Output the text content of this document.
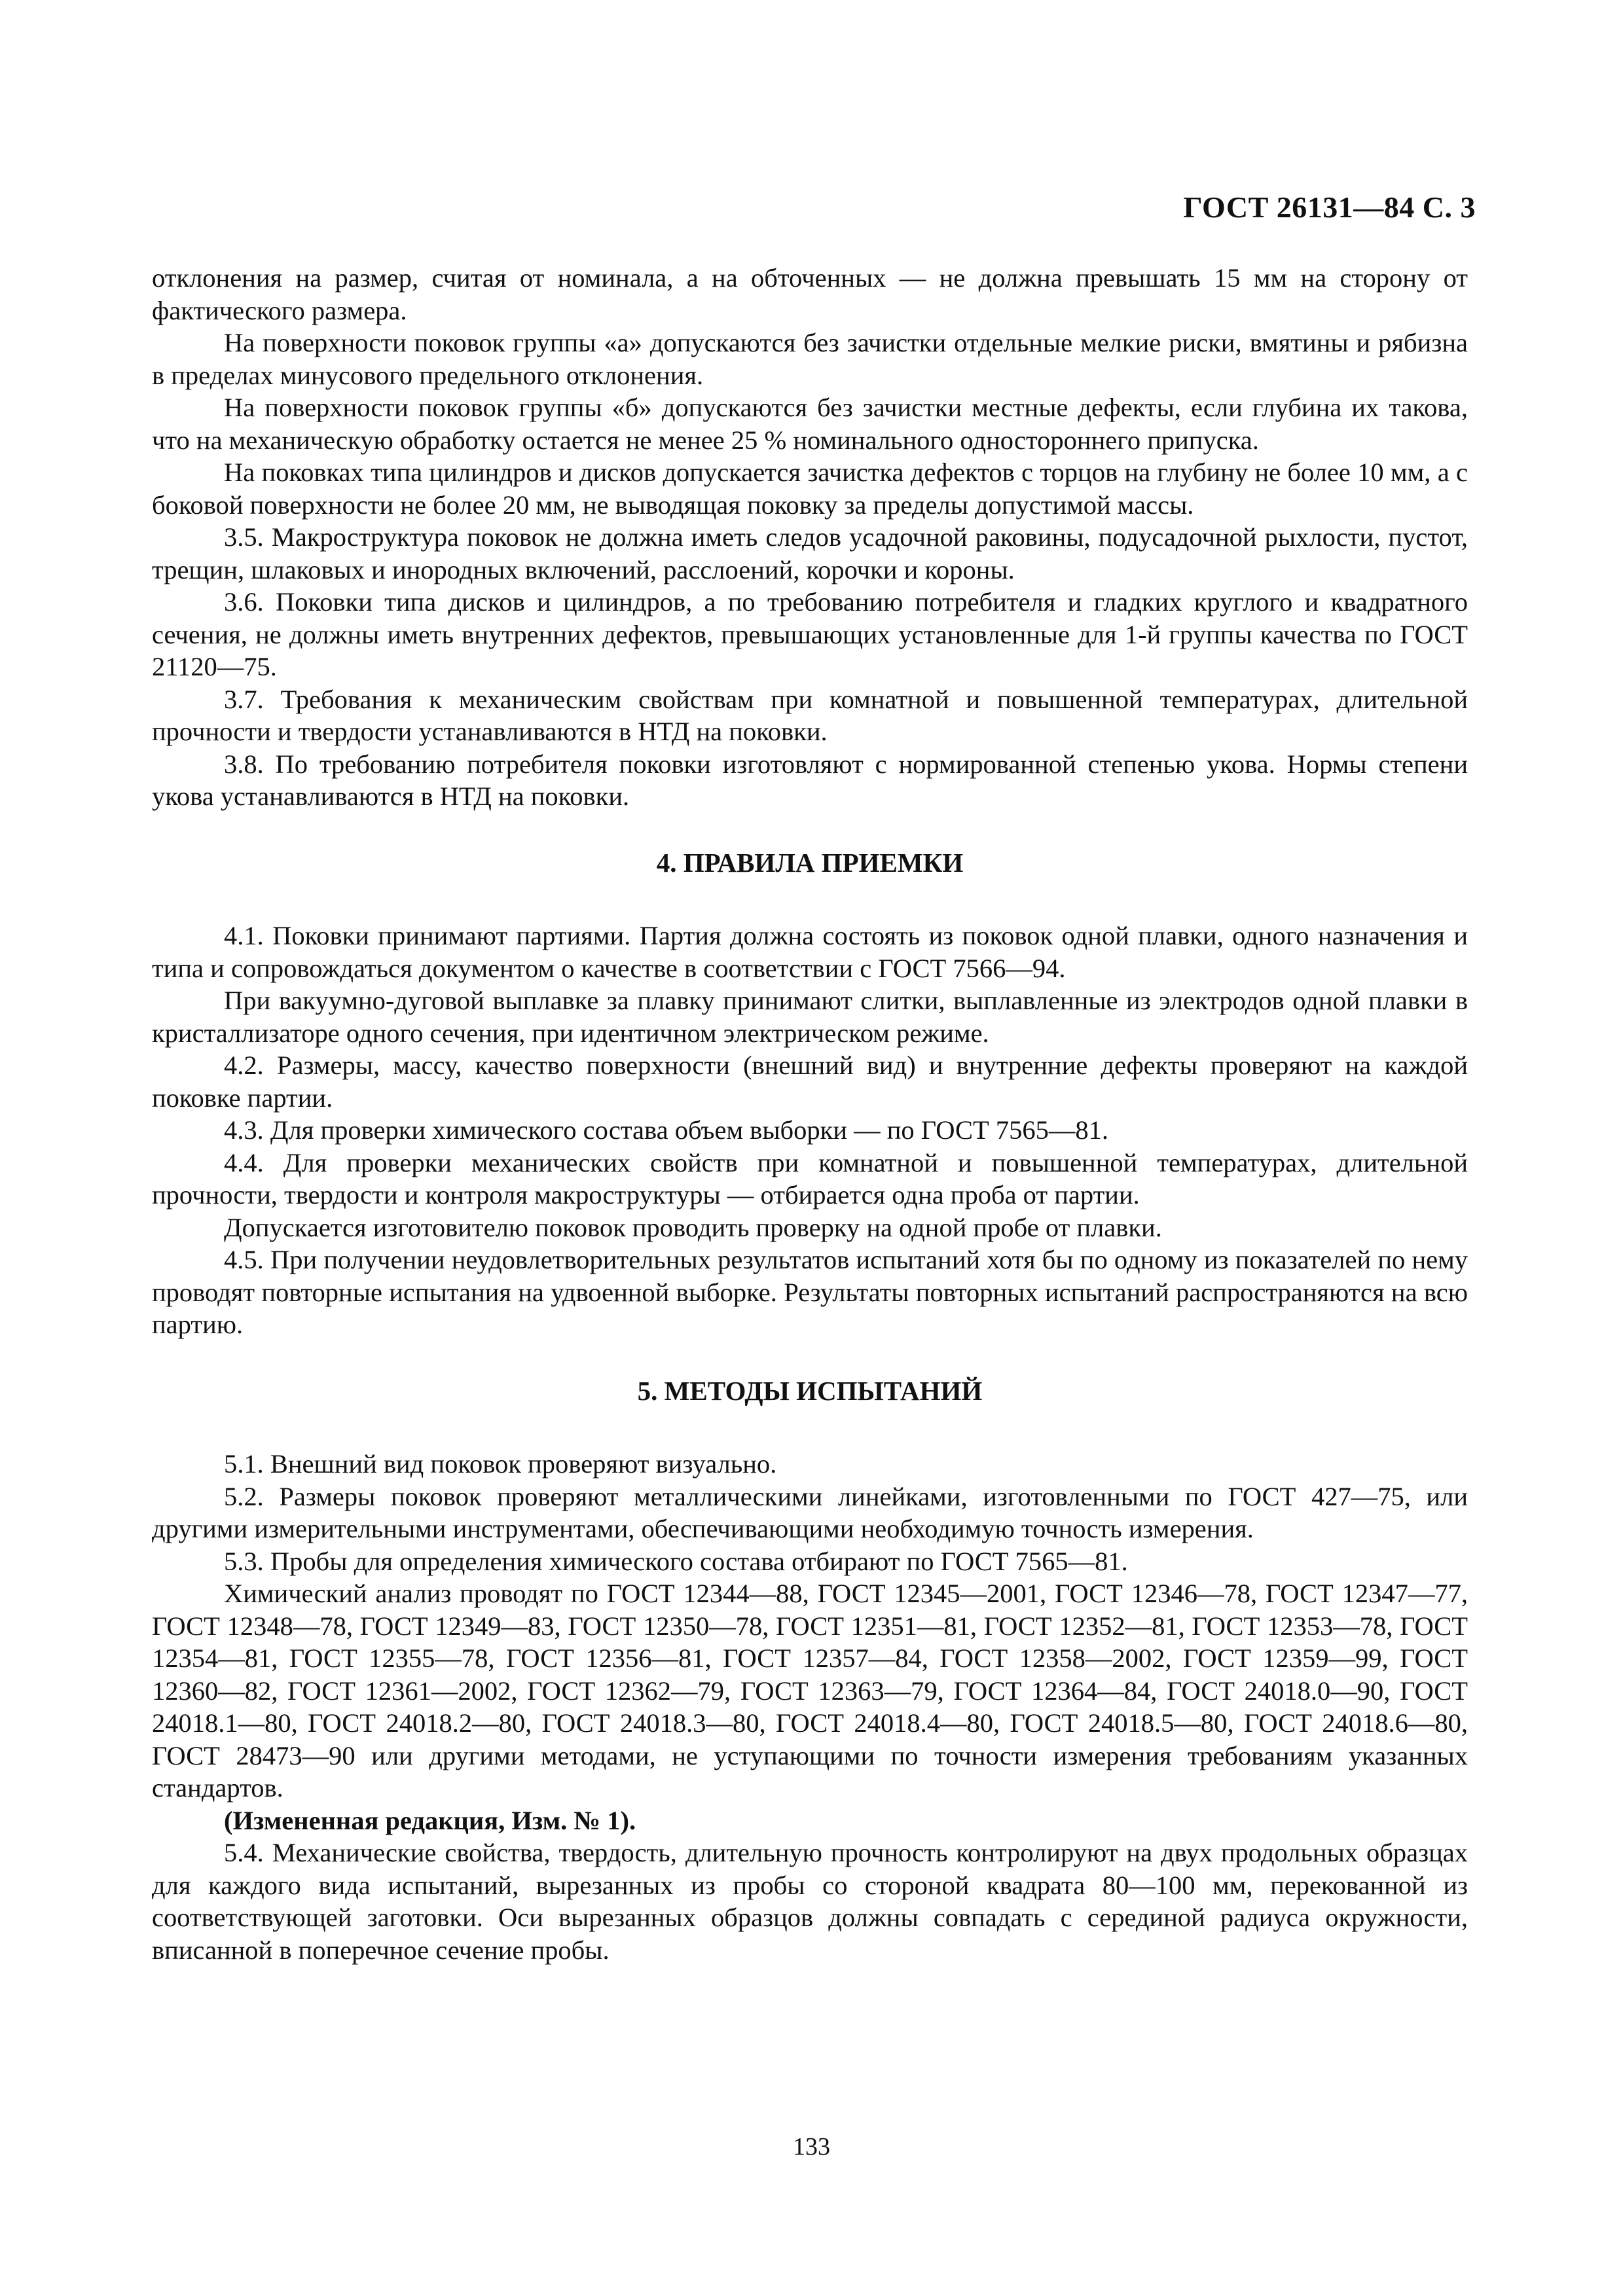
ГОСТ 26131—84 С. 3

отклонения на размер, считая от номинала, а на обточенных — не должна превышать 15 мм на сторону от фактического размера.

На поверхности поковок группы «а» допускаются без зачистки отдельные мелкие риски, вмятины и рябизна в пределах минусового предельного отклонения.

На поверхности поковок группы «б» допускаются без зачистки местные дефекты, если глубина их такова, что на механическую обработку остается не менее 25 % номинального одностороннего припуска.

На поковках типа цилиндров и дисков допускается зачистка дефектов с торцов на глубину не более 10 мм, а с боковой поверхности не более 20 мм, не выводящая поковку за пределы допустимой массы.

3.5. Макроструктура поковок не должна иметь следов усадочной раковины, подусадочной рыхлости, пустот, трещин, шлаковых и инородных включений, расслоений, корочки и короны.

3.6. Поковки типа дисков и цилиндров, а по требованию потребителя и гладких круглого и квадратного сечения, не должны иметь внутренних дефектов, превышающих установленные для 1-й группы качества по ГОСТ 21120—75.

3.7. Требования к механическим свойствам при комнатной и повышенной температурах, длительной прочности и твердости устанавливаются в НТД на поковки.

3.8. По требованию потребителя поковки изготовляют с нормированной степенью укова. Нормы степени укова устанавливаются в НТД на поковки.

4. ПРАВИЛА ПРИЕМКИ

4.1. Поковки принимают партиями. Партия должна состоять из поковок одной плавки, одного назначения и типа и сопровождаться документом о качестве в соответствии с ГОСТ 7566—94.

При вакуумно-дуговой выплавке за плавку принимают слитки, выплавленные из электродов одной плавки в кристаллизаторе одного сечения, при идентичном электрическом режиме.

4.2. Размеры, массу, качество поверхности (внешний вид) и внутренние дефекты проверяют на каждой поковке партии.

4.3. Для проверки химического состава объем выборки — по ГОСТ 7565—81.

4.4. Для проверки механических свойств при комнатной и повышенной температурах, длительной прочности, твердости и контроля макроструктуры — отбирается одна проба от партии.

Допускается изготовителю поковок проводить проверку на одной пробе от плавки.

4.5. При получении неудовлетворительных результатов испытаний хотя бы по одному из показателей по нему проводят повторные испытания на удвоенной выборке. Результаты повторных испытаний распространяются на всю партию.

5. МЕТОДЫ ИСПЫТАНИЙ

5.1. Внешний вид поковок проверяют визуально.

5.2. Размеры поковок проверяют металлическими линейками, изготовленными по ГОСТ 427—75, или другими измерительными инструментами, обеспечивающими необходимую точность измерения.

5.3. Пробы для определения химического состава отбирают по ГОСТ 7565—81.

Химический анализ проводят по ГОСТ 12344—88, ГОСТ 12345—2001, ГОСТ 12346—78, ГОСТ 12347—77, ГОСТ 12348—78, ГОСТ 12349—83, ГОСТ 12350—78, ГОСТ 12351—81, ГОСТ 12352—81, ГОСТ 12353—78, ГОСТ 12354—81, ГОСТ 12355—78, ГОСТ 12356—81, ГОСТ 12357—84, ГОСТ 12358—2002, ГОСТ 12359—99, ГОСТ 12360—82, ГОСТ 12361—2002, ГОСТ 12362—79, ГОСТ 12363—79, ГОСТ 12364—84, ГОСТ 24018.0—90, ГОСТ 24018.1—80, ГОСТ 24018.2—80, ГОСТ 24018.3—80, ГОСТ 24018.4—80, ГОСТ 24018.5—80, ГОСТ 24018.6—80, ГОСТ 28473—90 или другими методами, не уступающими по точности измерения требованиям указанных стандартов.

(Измененная редакция, Изм. № 1).

5.4. Механические свойства, твердость, длительную прочность контролируют на двух продольных образцах для каждого вида испытаний, вырезанных из пробы со стороной квадрата 80—100 мм, перекованной из соответствующей заготовки. Оси вырезанных образцов должны совпадать с серединой радиуса окружности, вписанной в поперечное сечение пробы.

133
